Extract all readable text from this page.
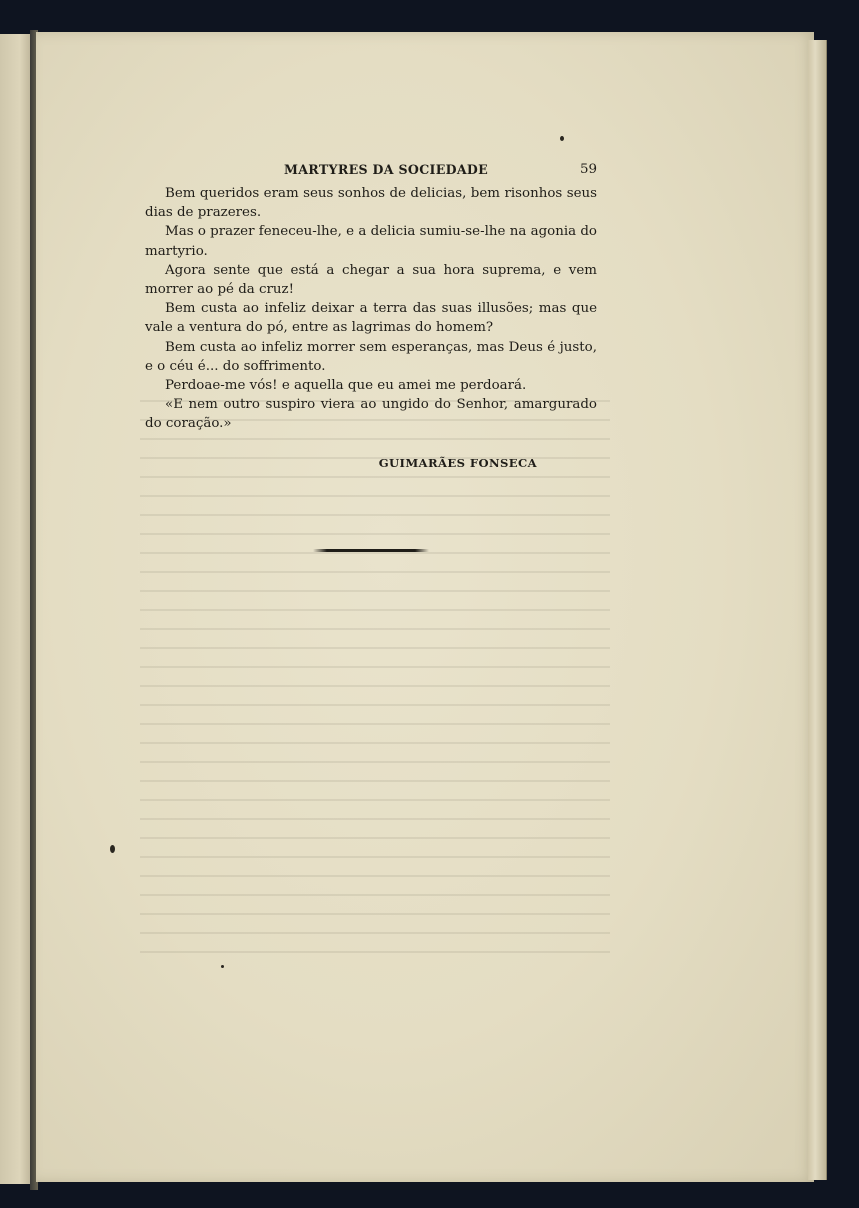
MARTYRES DA SOCIEDADE	59

Bem queridos eram seus sonhos de delicias, bem risonhos seus dias de prazeres.

Mas o prazer feneceu-lhe, e a delicia sumiu-se-lhe na agonia do martyrio.

Agora sente que está a chegar a sua hora suprema, e vem morrer ao pé da cruz!

Bem custa ao infeliz deixar a terra das suas illusões; mas que vale a ventura do pó, entre as lagrimas do homem?

Bem custa ao infeliz morrer sem esperanças, mas Deus é justo, e o céu é... do soffrimento.

Perdoae-me vós! e aquella que eu amei me perdoará.

«E nem outro suspiro viera ao ungido do Senhor, amargurado do coração.»

GUIMARÃES FONSECA
